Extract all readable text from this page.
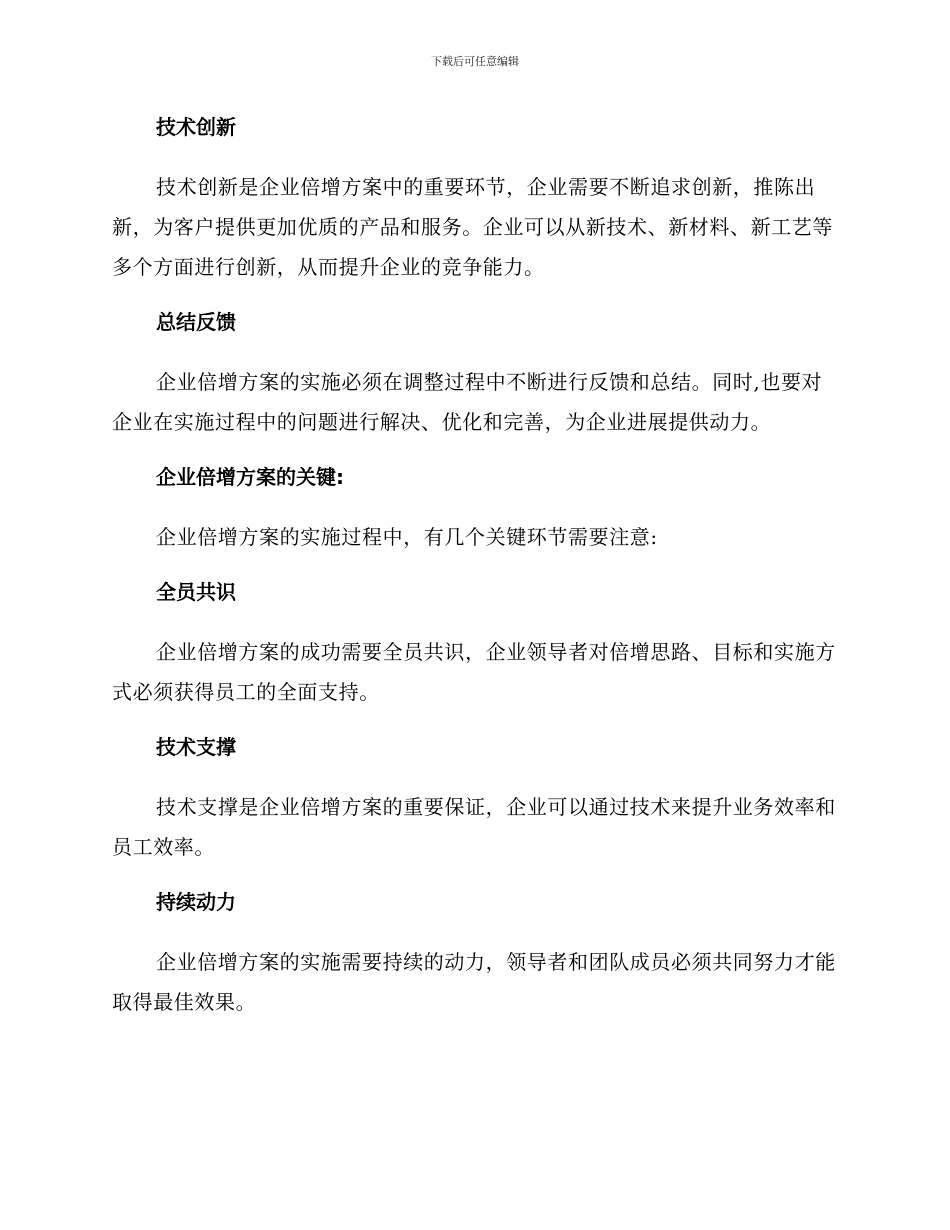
下载后可任意编辑
技术创新

技术创新是企业倍增方案中的重要环节，企业需要不断追求创新，推陈出新，为客户提供更加优质的产品和服务。企业可以从新技术、新材料、新工艺等多个方面进行创新，从而提升企业的竞争能力。

总结反馈

企业倍增方案的实施必须在调整过程中不断进行反馈和总结。同时,也要对企业在实施过程中的问题进行解决、优化和完善，为企业进展提供动力。

企业倍增方案的关键:

企业倍增方案的实施过程中，有几个关键环节需要注意:

全员共识

企业倍增方案的成功需要全员共识，企业领导者对倍增思路、目标和实施方式必须获得员工的全面支持。

技术支撑

技术支撑是企业倍增方案的重要保证，企业可以通过技术来提升业务效率和员工效率。

持续动力

企业倍增方案的实施需要持续的动力，领导者和团队成员必须共同努力才能取得最佳效果。
